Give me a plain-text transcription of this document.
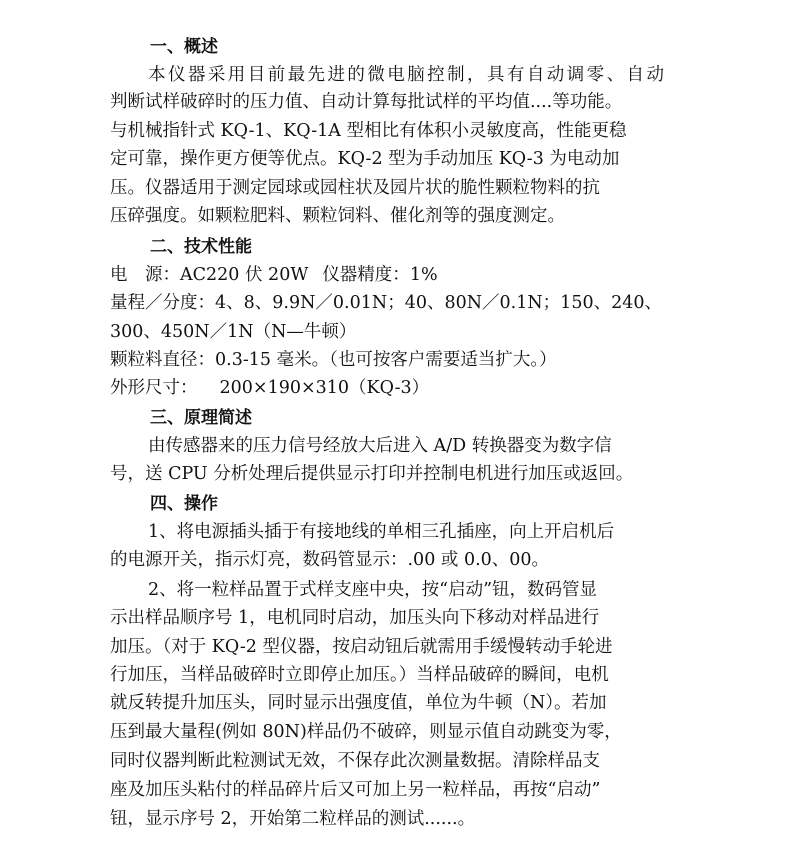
一、概述
本仪器采用目前最先进的微电脑控制，具有自动调零、自动
判断试样破碎时的压力值、自动计算每批试样的平均值....等功能。
与机械指针式 KQ-1、KQ-1A 型相比有体积小灵敏度高，性能更稳
定可靠，操作更方便等优点。KQ-2 型为手动加压 KQ-3 为电动加
压。仪器适用于测定园球或园柱状及园片状的脆性颗粒物料的抗
压碎强度。如颗粒肥料、颗粒饲料、催化剂等的强度测定。
二、技术性能
电　源：AC220 伏 20W 仪器精度：1%
量程／分度：4、8、9.9N／0.01N；40、80N／0.1N；150、240、
300、450N／1N（N—牛顿）
颗粒料直径：0.3-15 毫米。（也可按客户需要适当扩大。）
外形尺寸： 200×190×310（KQ-3）
三、原理简述
由传感器来的压力信号经放大后进入 A/D 转换器变为数字信
号，送 CPU 分析处理后提供显示打印并控制电机进行加压或返回。
四、操作
1、将电源插头插于有接地线的单相三孔插座，向上开启机后
的电源开关，指示灯亮，数码管显示：.00 或 0.0、00。
2、将一粒样品置于式样支座中央，按“启动”钮，数码管显
示出样品顺序号 1，电机同时启动，加压头向下移动对样品进行
加压。（对于 KQ-2 型仪器，按启动钮后就需用手缓慢转动手轮进
行加压，当样品破碎时立即停止加压。）当样品破碎的瞬间，电机
就反转提升加压头，同时显示出强度值，单位为牛顿（N）。若加
压到最大量程(例如 80N)样品仍不破碎，则显示值自动跳变为零，
同时仪器判断此粒测试无效，不保存此次测量数据。清除样品支
座及加压头粘付的样品碎片后又可加上另一粒样品，再按“启动”
钮，显示序号 2，开始第二粒样品的测试......。
